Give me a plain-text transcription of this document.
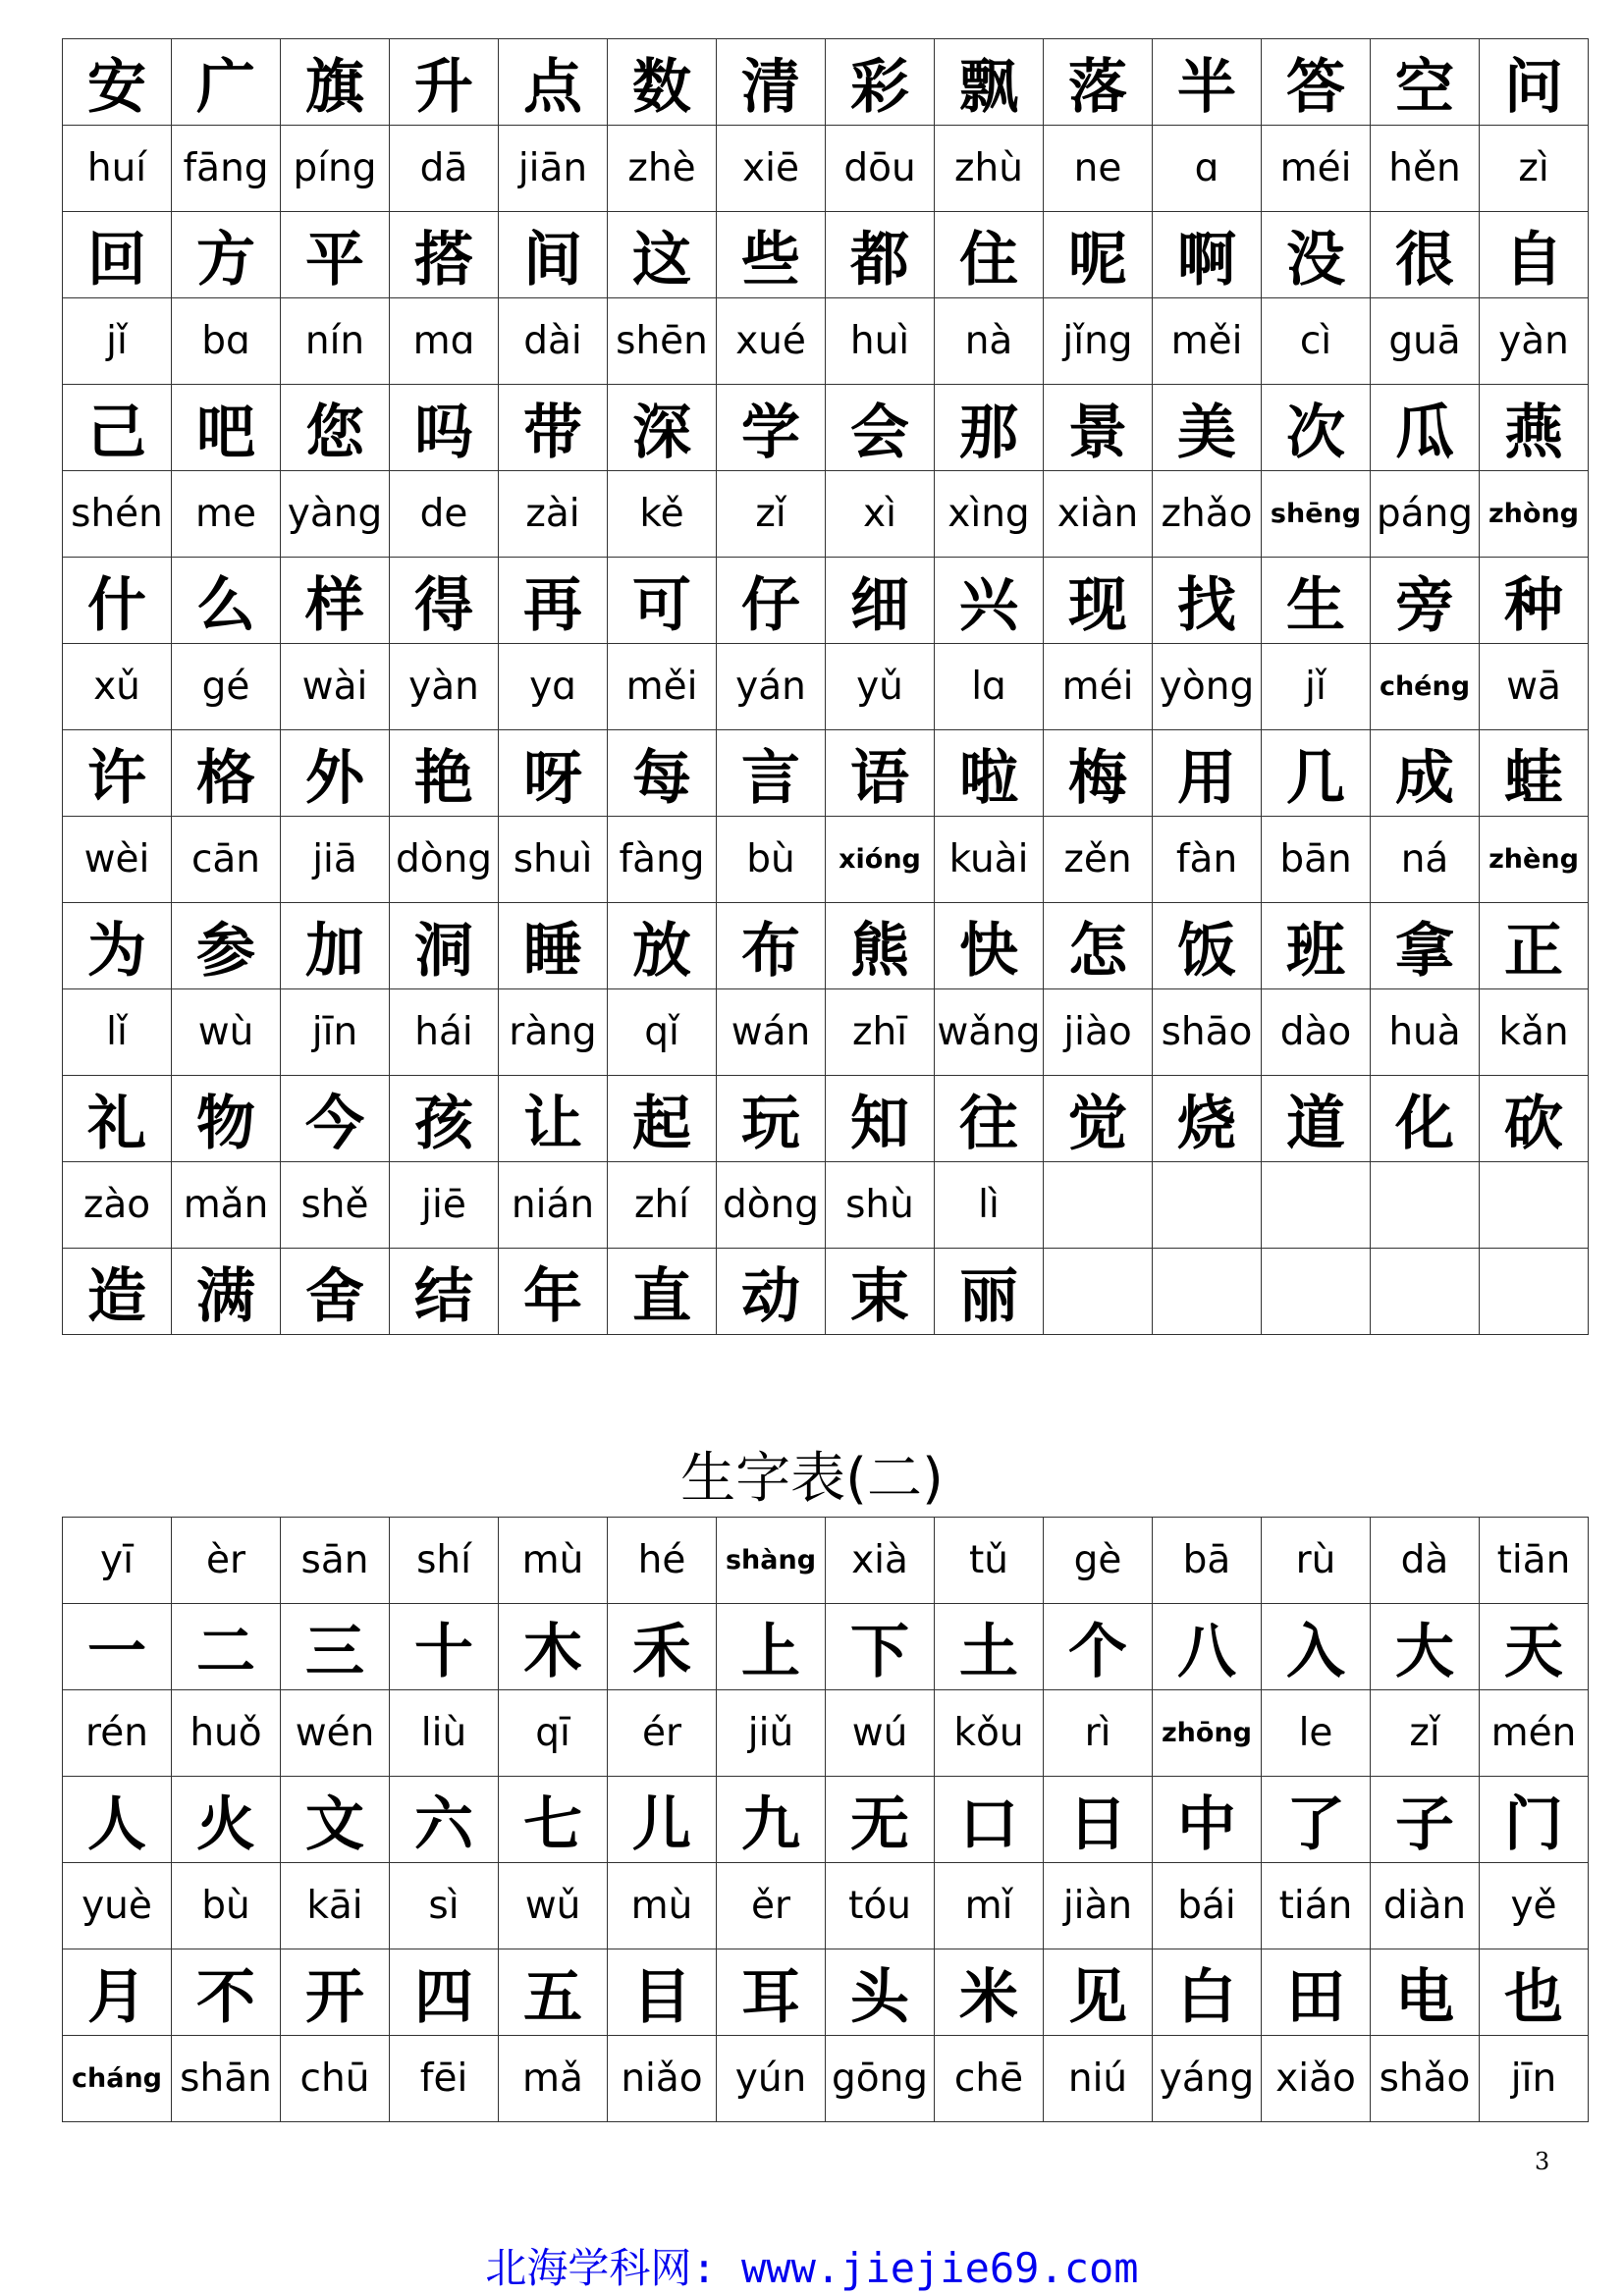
安	广	旗	升	点	数	清	彩	飘	落	半	答	空	问
huí	fāng	píng	dā	jiān	zhè	xiē	dōu	zhù	ne	ɑ	méi	hěn	zì
回	方	平	搭	间	这	些	都	住	呢	啊	没	很	自
jǐ	bɑ	nín	mɑ	dài	shēn	xué	huì	nà	jǐng	měi	cì	guā	yàn
己	吧	您	吗	带	深	学	会	那	景	美	次	瓜	燕
shén	me	yàng	de	zài	kě	zǐ	xì	xìng	xiàn	zhǎo	shēng	páng	zhòng
什	么	样	得	再	可	仔	细	兴	现	找	生	旁	种
xǔ	gé	wài	yàn	yɑ	měi	yán	yǔ	lɑ	méi	yòng	jǐ	chéng	wā
许	格	外	艳	呀	每	言	语	啦	梅	用	几	成	蛙
wèi	cān	jiā	dòng	shuì	fàng	bù	xióng	kuài	zěn	fàn	bān	ná	zhèng
为	参	加	洞	睡	放	布	熊	快	怎	饭	班	拿	正
lǐ	wù	jīn	hái	ràng	qǐ	wán	zhī	wǎng	jiào	shāo	dào	huà	kǎn
礼	物	今	孩	让	起	玩	知	往	觉	烧	道	化	砍
zào	mǎn	shě	jiē	nián	zhí	dòng	shù	lì					
造	满	舍	结	年	直	动	束	丽					
生字表(二)
yī	èr	sān	shí	mù	hé	shàng	xià	tǔ	gè	bā	rù	dà	tiān
一	二	三	十	木	禾	上	下	土	个	八	入	大	天
rén	huǒ	wén	liù	qī	ér	jiǔ	wú	kǒu	rì	zhōng	le	zǐ	mén
人	火	文	六	七	儿	九	无	口	日	中	了	子	门
yuè	bù	kāi	sì	wǔ	mù	ěr	tóu	mǐ	jiàn	bái	tián	diàn	yě
月	不	开	四	五	目	耳	头	米	见	白	田	电	也
cháng	shān	chū	fēi	mǎ	niǎo	yún	gōng	chē	niú	yáng	xiǎo	shǎo	jīn
3
北海学科网: www.jiejie69.com
